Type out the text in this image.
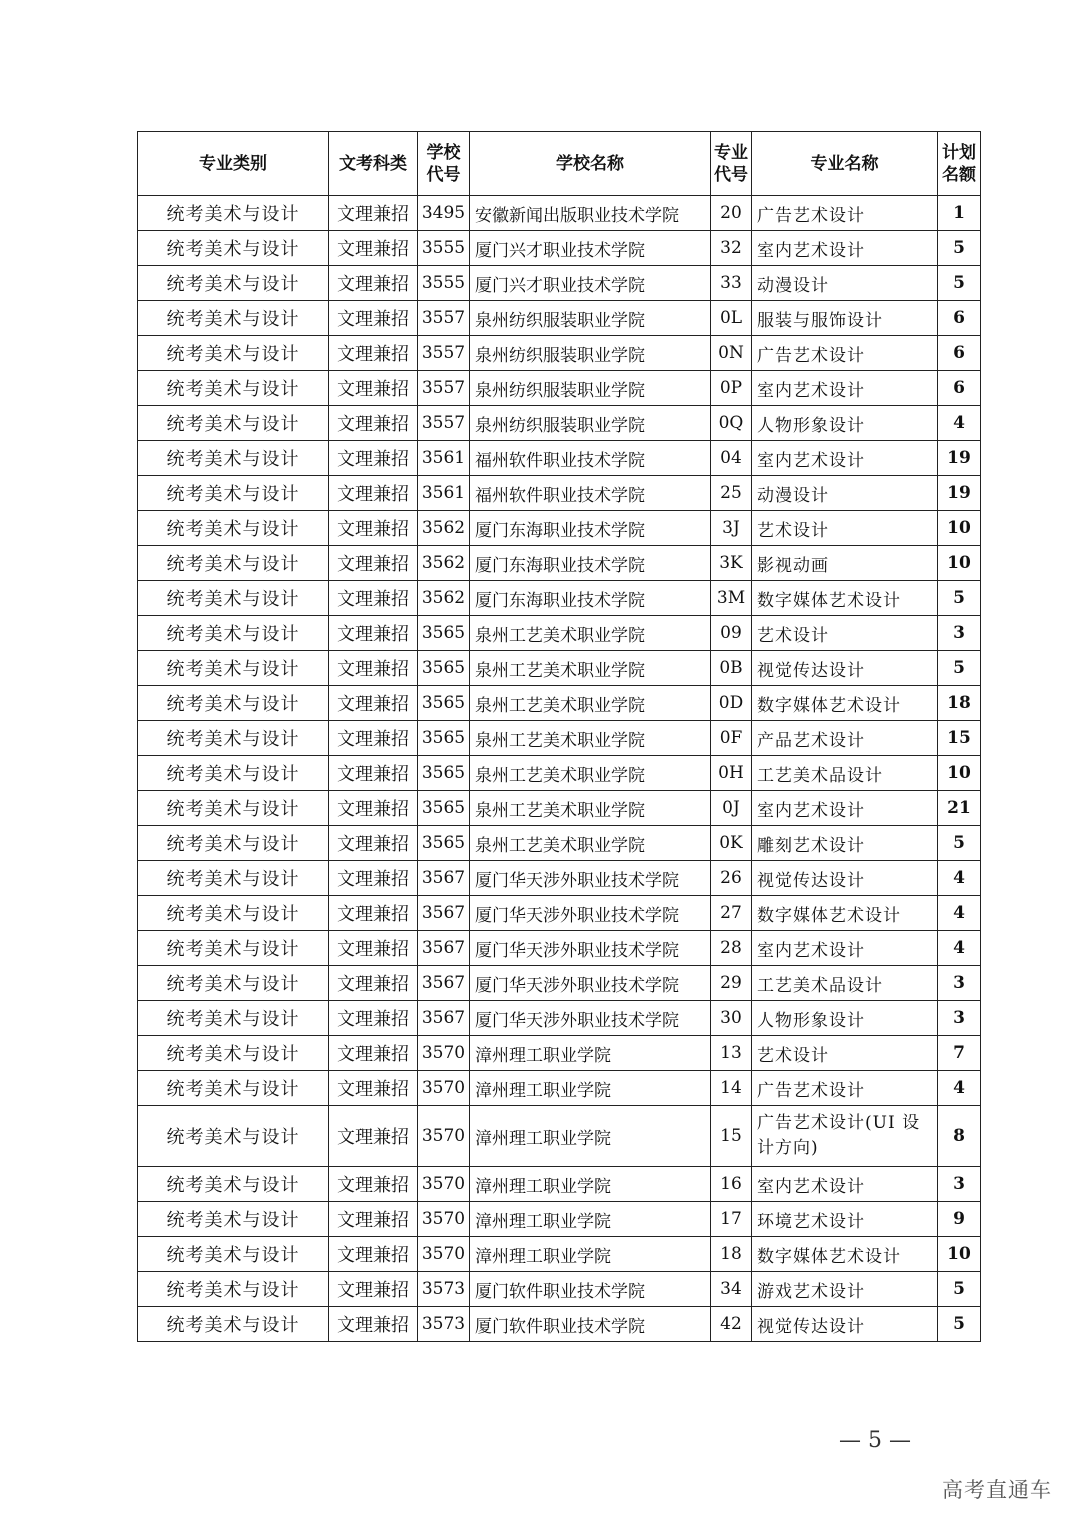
专业类别	文考科类	学校代号	学校名称	专业代号	专业名称	计划名额
统考美术与设计	文理兼招	3495	安徽新闻出版职业技术学院	20	广告艺术设计	1
统考美术与设计	文理兼招	3555	厦门兴才职业技术学院	32	室内艺术设计	5
统考美术与设计	文理兼招	3555	厦门兴才职业技术学院	33	动漫设计	5
统考美术与设计	文理兼招	3557	泉州纺织服装职业学院	0L	服装与服饰设计	6
统考美术与设计	文理兼招	3557	泉州纺织服装职业学院	0N	广告艺术设计	6
统考美术与设计	文理兼招	3557	泉州纺织服装职业学院	0P	室内艺术设计	6
统考美术与设计	文理兼招	3557	泉州纺织服装职业学院	0Q	人物形象设计	4
统考美术与设计	文理兼招	3561	福州软件职业技术学院	04	室内艺术设计	19
统考美术与设计	文理兼招	3561	福州软件职业技术学院	25	动漫设计	19
统考美术与设计	文理兼招	3562	厦门东海职业技术学院	3J	艺术设计	10
统考美术与设计	文理兼招	3562	厦门东海职业技术学院	3K	影视动画	10
统考美术与设计	文理兼招	3562	厦门东海职业技术学院	3M	数字媒体艺术设计	5
统考美术与设计	文理兼招	3565	泉州工艺美术职业学院	09	艺术设计	3
统考美术与设计	文理兼招	3565	泉州工艺美术职业学院	0B	视觉传达设计	5
统考美术与设计	文理兼招	3565	泉州工艺美术职业学院	0D	数字媒体艺术设计	18
统考美术与设计	文理兼招	3565	泉州工艺美术职业学院	0F	产品艺术设计	15
统考美术与设计	文理兼招	3565	泉州工艺美术职业学院	0H	工艺美术品设计	10
统考美术与设计	文理兼招	3565	泉州工艺美术职业学院	0J	室内艺术设计	21
统考美术与设计	文理兼招	3565	泉州工艺美术职业学院	0K	雕刻艺术设计	5
统考美术与设计	文理兼招	3567	厦门华天涉外职业技术学院	26	视觉传达设计	4
统考美术与设计	文理兼招	3567	厦门华天涉外职业技术学院	27	数字媒体艺术设计	4
统考美术与设计	文理兼招	3567	厦门华天涉外职业技术学院	28	室内艺术设计	4
统考美术与设计	文理兼招	3567	厦门华天涉外职业技术学院	29	工艺美术品设计	3
统考美术与设计	文理兼招	3567	厦门华天涉外职业技术学院	30	人物形象设计	3
统考美术与设计	文理兼招	3570	漳州理工职业学院	13	艺术设计	7
统考美术与设计	文理兼招	3570	漳州理工职业学院	14	广告艺术设计	4
统考美术与设计	文理兼招	3570	漳州理工职业学院	15	广告艺术设计(UI 设计方向)	8
统考美术与设计	文理兼招	3570	漳州理工职业学院	16	室内艺术设计	3
统考美术与设计	文理兼招	3570	漳州理工职业学院	17	环境艺术设计	9
统考美术与设计	文理兼招	3570	漳州理工职业学院	18	数字媒体艺术设计	10
统考美术与设计	文理兼招	3573	厦门软件职业技术学院	34	游戏艺术设计	5
统考美术与设计	文理兼招	3573	厦门软件职业技术学院	42	视觉传达设计	5
— 5 —
高考直通车
